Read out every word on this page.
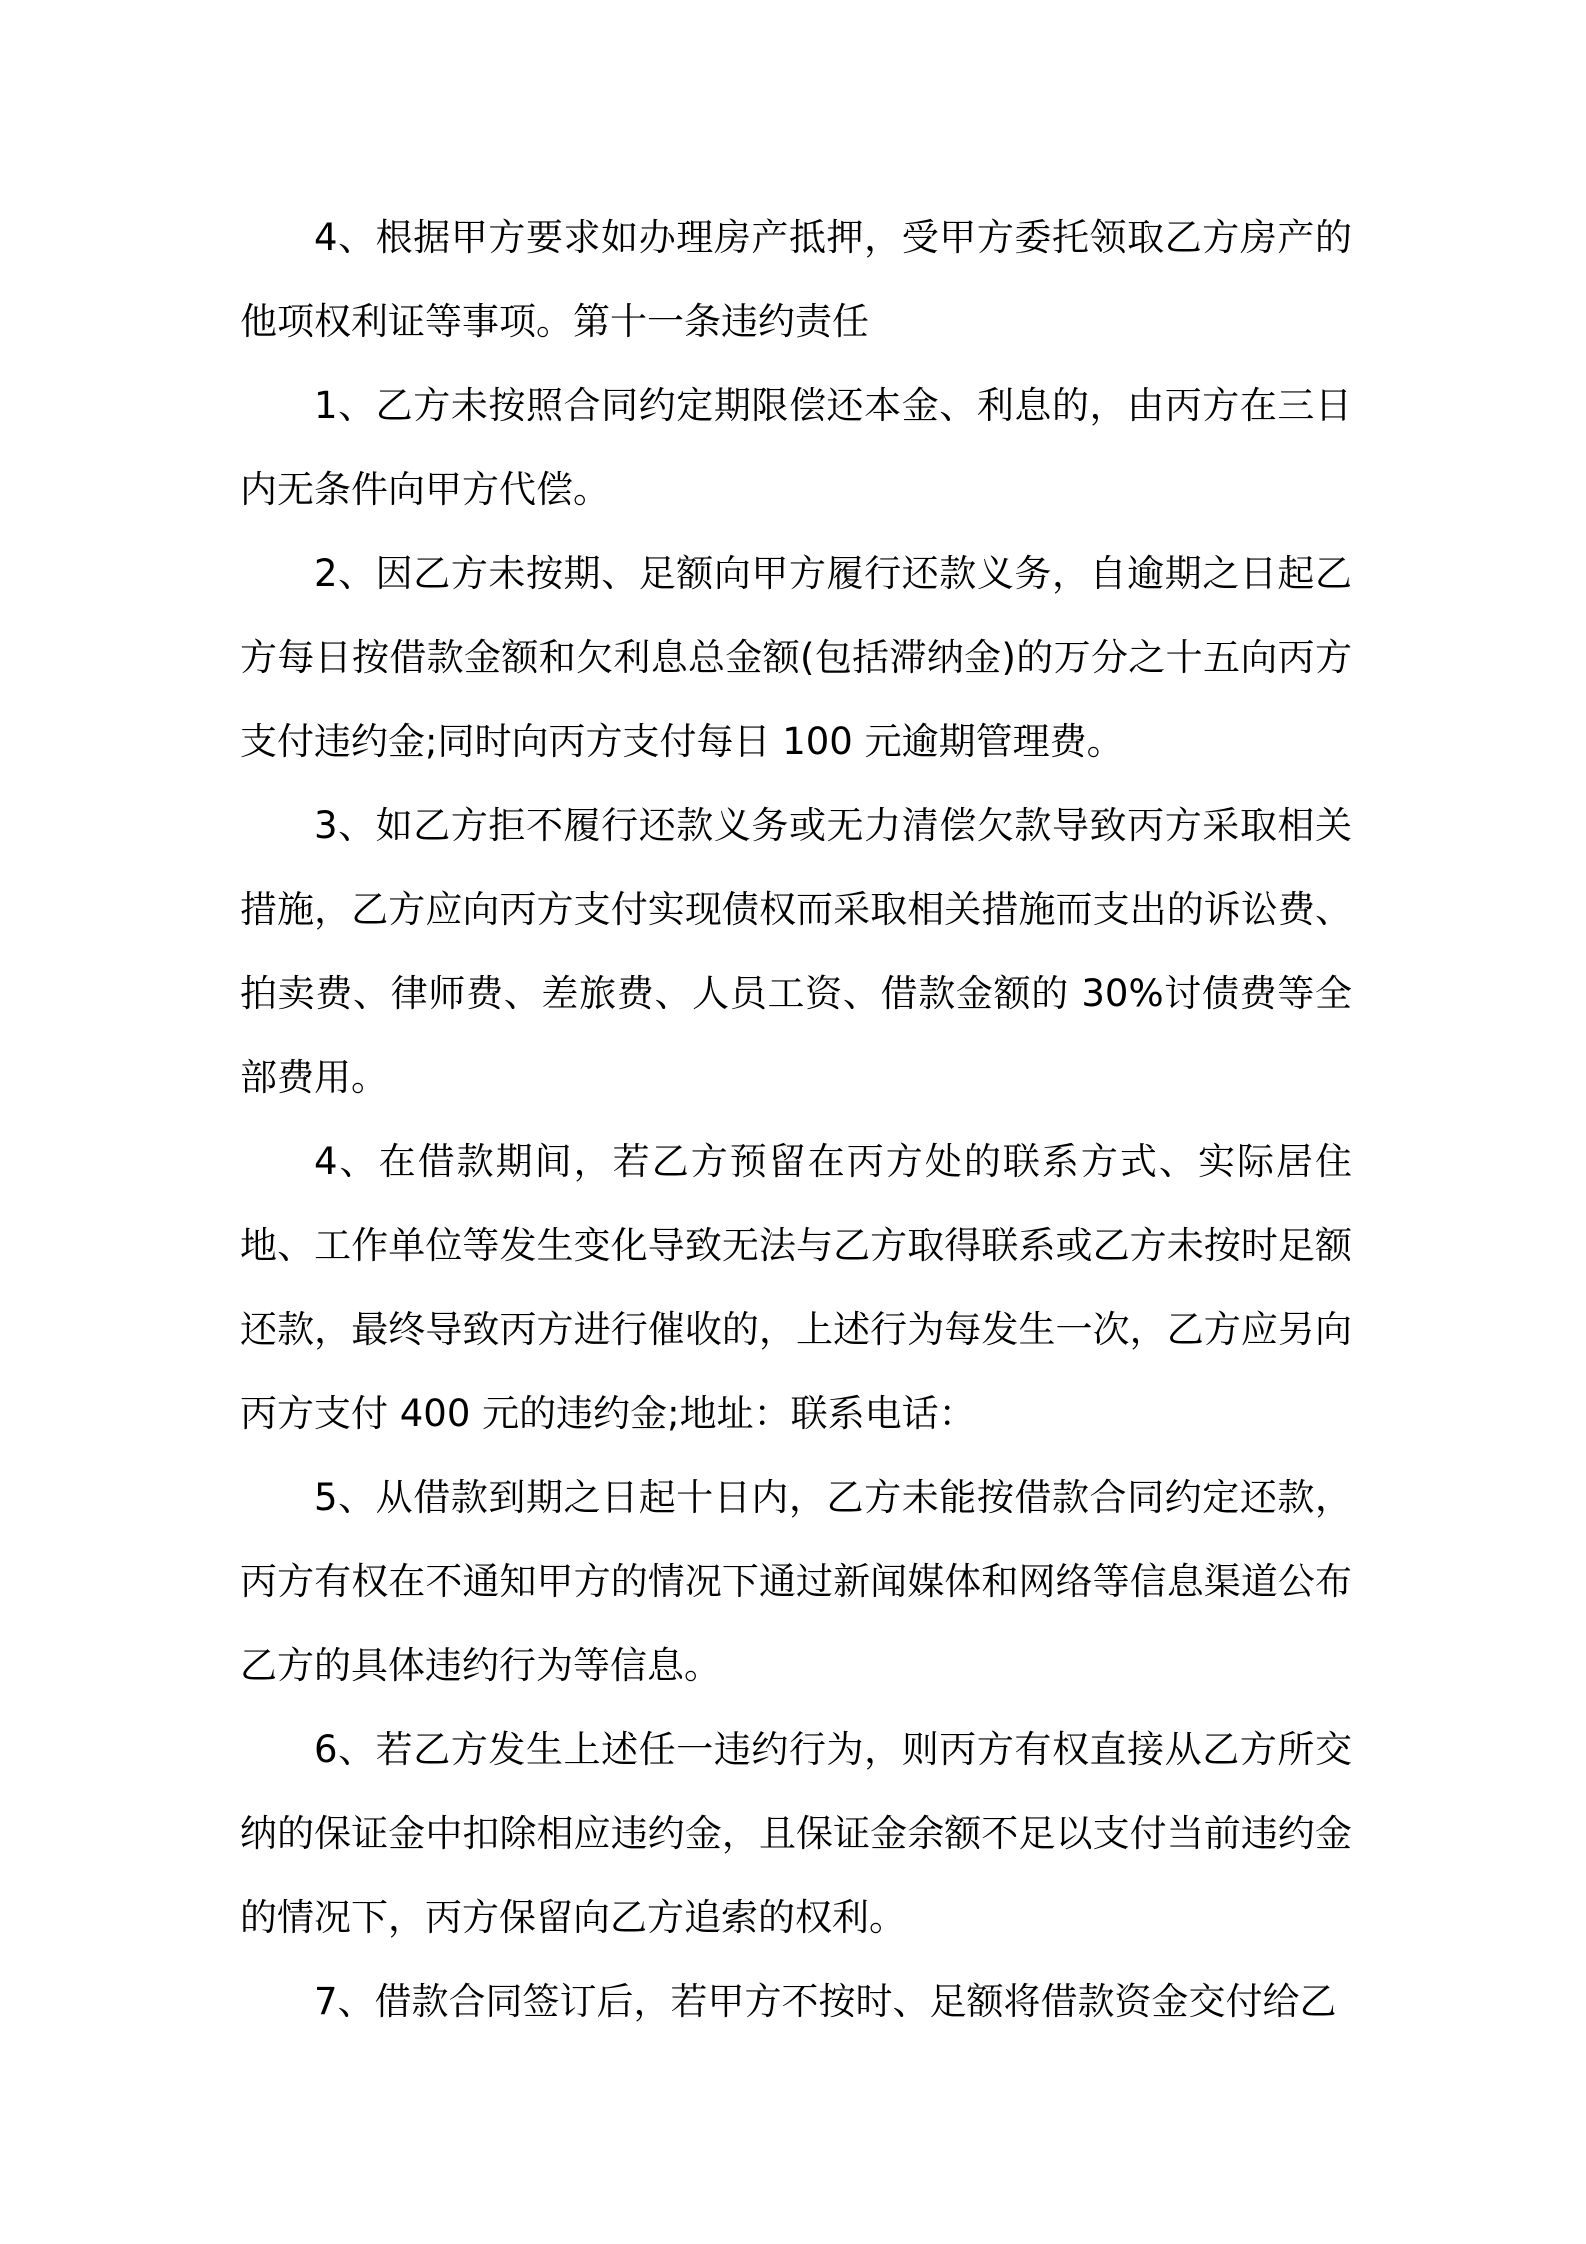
4、根据甲方要求如办理房产抵押，受甲方委托领取乙方房产的他项权利证等事项。第十一条违约责任

1、乙方未按照合同约定期限偿还本金、利息的，由丙方在三日内无条件向甲方代偿。

2、因乙方未按期、足额向甲方履行还款义务，自逾期之日起乙方每日按借款金额和欠利息总金额(包括滞纳金)的万分之十五向丙方支付违约金;同时向丙方支付每日 100 元逾期管理费。

3、如乙方拒不履行还款义务或无力清偿欠款导致丙方采取相关措施，乙方应向丙方支付实现债权而采取相关措施而支出的诉讼费、拍卖费、律师费、差旅费、人员工资、借款金额的 30%讨债费等全部费用。

4、在借款期间，若乙方预留在丙方处的联系方式、实际居住地、工作单位等发生变化导致无法与乙方取得联系或乙方未按时足额还款，最终导致丙方进行催收的，上述行为每发生一次，乙方应另向丙方支付 400 元的违约金;地址：联系电话：

5、从借款到期之日起十日内，乙方未能按借款合同约定还款，丙方有权在不通知甲方的情况下通过新闻媒体和网络等信息渠道公布乙方的具体违约行为等信息。

6、若乙方发生上述任一违约行为，则丙方有权直接从乙方所交纳的保证金中扣除相应违约金，且保证金余额不足以支付当前违约金的情况下，丙方保留向乙方追索的权利。

7、借款合同签订后，若甲方不按时、足额将借款资金交付给乙
